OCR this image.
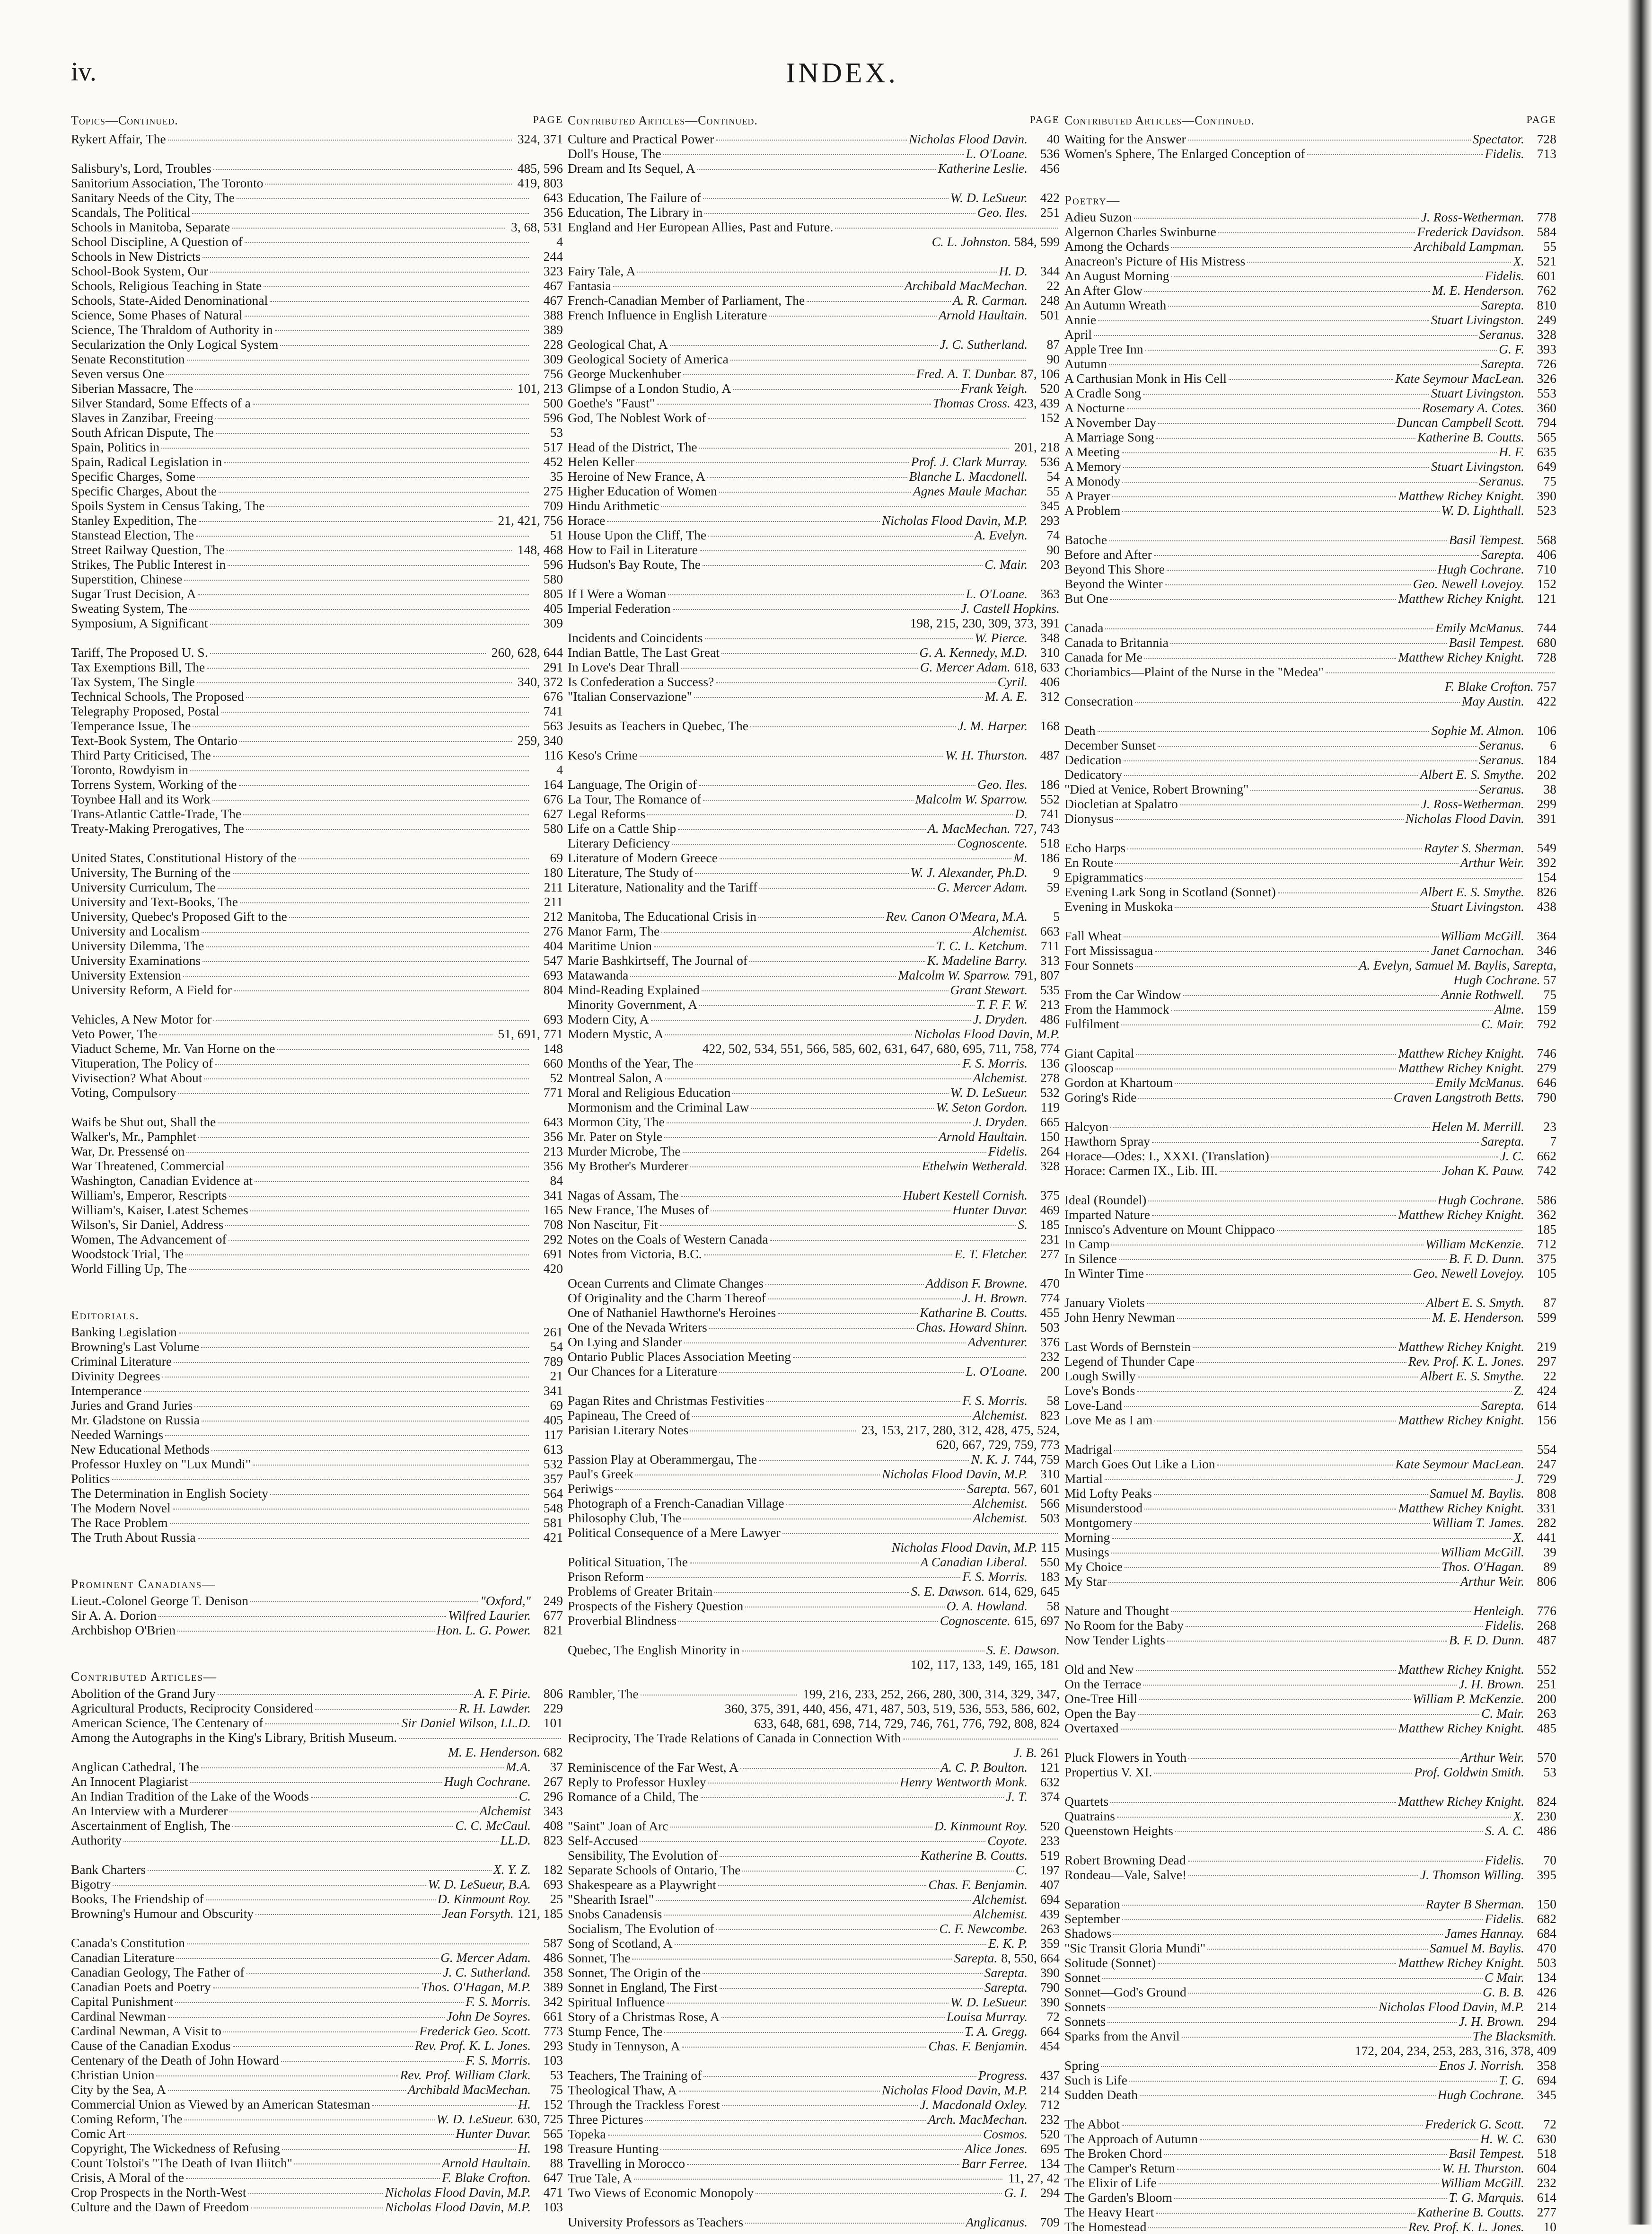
iv.	INDEX.
Topics—Continued.	PAGE
Rykert Affair, The	324, 371
Salisbury's, Lord, Troubles	485, 596
Sanitorium Association, The Toronto	419, 803
Sanitary Needs of the City, The	643
Scandals, The Political	356
Schools in Manitoba, Separate	3, 68, 531
School Discipline, A Question of	4
Schools in New Districts	244
School-Book System, Our	323
Schools, Religious Teaching in State	467
Schools, State-Aided Denominational	467
Science, Some Phases of Natural	388
Science, The Thraldom of Authority in	389
Secularization the Only Logical System	228
Senate Reconstitution	309
Seven versus One	756
Siberian Massacre, The	101, 213
Silver Standard, Some Effects of a	500
Slaves in Zanzibar, Freeing	596
South African Dispute, The	53
Spain, Politics in	517
Spain, Radical Legislation in	452
Specific Charges, Some	35
Specific Charges, About the	275
Spoils System in Census Taking, The	709
Stanley Expedition, The	21, 421, 756
Stanstead Election, The	51
Street Railway Question, The	148, 468
Strikes, The Public Interest in	596
Superstition, Chinese	580
Sugar Trust Decision, A	805
Sweating System, The	405
Symposium, A Significant	309
Tariff, The Proposed U. S.	260, 628, 644
Tax Exemptions Bill, The	291
Tax System, The Single	340, 372
Technical Schools, The Proposed	676
Telegraphy Proposed, Postal	741
Temperance Issue, The	563
Text-Book System, The Ontario	259, 340
Third Party Criticised, The	116
Toronto, Rowdyism in	4
Torrens System, Working of the	164
Toynbee Hall and its Work	676
Trans-Atlantic Cattle-Trade, The	627
Treaty-Making Prerogatives, The	580
United States, Constitutional History of the	69
University, The Burning of the	180
University Curriculum, The	211
University and Text-Books, The	211
University, Quebec's Proposed Gift to the	212
University and Localism	276
University Dilemma, The	404
University Examinations	547
University Extension	693
University Reform, A Field for	804
Vehicles, A New Motor for	693
Veto Power, The	51, 691, 771
Viaduct Scheme, Mr. Van Horne on the	148
Vituperation, The Policy of	660
Vivisection? What About	52
Voting, Compulsory	771
Waifs be Shut out, Shall the	643
Walker's, Mr., Pamphlet	356
War, Dr. Pressensé on	213
War Threatened, Commercial	356
Washington, Canadian Evidence at	84
William's, Emperor, Rescripts	341
William's, Kaiser, Latest Schemes	165
Wilson's, Sir Daniel, Address	708
Women, The Advancement of	292
Woodstock Trial, The	691
World Filling Up, The	420
Editorials.
Banking Legislation	261
Browning's Last Volume	54
Criminal Literature	789
Divinity Degrees	21
Intemperance	341
Juries and Grand Juries	69
Mr. Gladstone on Russia	405
Needed Warnings	117
New Educational Methods	613
Professor Huxley on "Lux Mundi"	532
Politics	357
The Determination in English Society	564
The Modern Novel	548
The Race Problem	581
The Truth About Russia	421
Prominent Canadians—
Lieut.-Colonel George T. Denison	"Oxford," 249
Sir A. A. Dorion	Wilfred Laurier. 677
Archbishop O'Brien	Hon. L. G. Power. 821
Contributed Articles—
Abolition of the Grand Jury	A. F. Pirie. 806
Agricultural Products, Reciprocity Considered	R. H. Lawder. 229
American Science, The Centenary of	Sir Daniel Wilson, LL.D. 101
Among the Autographs in the King's Library, British Museum.
M. E. Henderson. 682
Anglican Cathedral, The	M.A.	37
An Innocent Plagiarist	Hugh Cochrane. 267
An Indian Tradition of the Lake of the Woods	C. 296
An Interview with a Murderer	Alchemist 343
Ascertainment of English, The	C. C. McCaul. 408
Authority	LL.D. 823
Bank Charters	X. Y. Z. 182
Bigotry	W. D. LeSueur, B.A. 693
Books, The Friendship of	D. Kinmount Roy.	25
Browning's Humour and Obscurity	Jean Forsyth. 121, 185
Canada's Constitution	587
Canadian Literature	G. Mercer Adam. 486
Canadian Geology, The Father of	J. C. Sutherland. 358
Canadian Poets and Poetry	Thos. O'Hagan, M.P. 389
Capital Punishment	F. S. Morris. 342
Cardinal Newman	John De Soyres. 661
Cardinal Newman, A Visit to	Frederick Geo. Scott. 773
Cause of the Canadian Exodus	Rev. Prof. K. L. Jones. 293
Centenary of the Death of John Howard	F. S. Morris. 103
Christian Union	Rev. Prof. William Clark.	53
City by the Sea, A	Archibald MacMechan.	75
Commercial Union as Viewed by an American Statesman	H. 152
Coming Reform, The	W. D. LeSueur. 630, 725
Comic Art	Hunter Duvar. 565
Copyright, The Wickedness of Refusing	H. 198
Count Tolstoi's "The Death of Ivan Iliitch"	Arnold Haultain.	88
Crisis, A Moral of the	F. Blake Crofton. 647
Crop Prospects in the North-West	Nicholas Flood Davin, M.P. 471
Culture and the Dawn of Freedom	Nicholas Flood Davin, M.P. 103
Contributed Articles—Continued.	PAGE
Culture and Practical Power	Nicholas Flood Davin.	40
Doll's House, The	L. O'Loane. 536
Dream and Its Sequel, A	Katherine Leslie. 456
Education, The Failure of	W. D. LeSueur. 422
Education, The Library in	Geo. Iles. 251
England and Her European Allies, Past and Future.
C. L. Johnston. 584, 599
Fairy Tale, A	H. D. 344
Fantasia	Archibald MacMechan.	22
French-Canadian Member of Parliament, The	A. R. Carman. 248
French Influence in English Literature	Arnold Haultain. 501
Geological Chat, A	J. C. Sutherland.	87
Geological Society of America	90
George Muckenhuber	Fred. A. T. Dunbar. 87, 106
Glimpse of a London Studio, A	Frank Yeigh. 520
Goethe's "Faust"	Thomas Cross. 423, 439
God, The Noblest Work of	152
Head of the District, The	201, 218
Helen Keller	Prof. J. Clark Murray. 536
Heroine of New France, A	Blanche L. Macdonell.	54
Higher Education of Women	Agnes Maule Machar.	55
Hindu Arithmetic	345
Horace	Nicholas Flood Davin, M.P. 293
House Upon the Cliff, The	A. Evelyn.	74
How to Fail in Literature	90
Hudson's Bay Route, The	C. Mair. 203
If I Were a Woman	L. O'Loane. 363
Imperial Federation	J. Castell Hopkins.
198, 215, 230, 309, 373, 391
Incidents and Coincidents	W. Pierce. 348
Indian Battle, The Last Great	G. A. Kennedy, M.D. 310
In Love's Dear Thrall	G. Mercer Adam. 618, 633
Is Confederation a Success?	Cyril. 406
"Italian Conservazione"	M. A. E. 312
Jesuits as Teachers in Quebec, The	J. M. Harper. 168
Keso's Crime	W. H. Thurston. 487
Language, The Origin of	Geo. Iles. 186
La Tour, The Romance of	Malcolm W. Sparrow. 552
Legal Reforms	D. 741
Life on a Cattle Ship	A. MacMechan. 727, 743
Literary Deficiency	Cognoscente. 518
Literature of Modern Greece	M. 186
Literature, The Study of	W. J. Alexander, Ph.D.	9
Literature, Nationality and the Tariff	G. Mercer Adam.	59
Manitoba, The Educational Crisis in	Rev. Canon O'Meara, M.A.	5
Manor Farm, The	Alchemist. 663
Maritime Union	T. C. L. Ketchum.	711
Marie Bashkirtseff, The Journal of	K. Madeline Barry. 313
Matawanda	Malcolm W. Sparrow. 791, 807
Mind-Reading Explained	Grant Stewart. 535
Minority Government, A	T. F. F. W. 213
Modern City, A	J. Dryden. 486
Modern Mystic, A	Nicholas Flood Davin, M.P.
422, 502, 534, 551, 566, 585, 602, 631, 647, 680, 695, 711, 758, 774
Months of the Year, The	F. S. Morris. 136
Montreal Salon, A	Alchemist. 278
Moral and Religious Education	W. D. LeSueur. 532
Mormonism and the Criminal Law	W. Seton Gordon.	119
Mormon City, The	J. Dryden. 665
Mr. Pater on Style	Arnold Haultain. 150
Murder Microbe, The	Fidelis. 264
My Brother's Murderer	Ethelwin Wetherald. 328
Nagas of Assam, The	Hubert Kestell Cornish. 375
New France, The Muses of	Hunter Duvar. 469
Non Nascitur, Fit	S. 185
Notes on the Coals of Western Canada	231
Notes from Victoria, B.C.	E. T. Fletcher. 277
Ocean Currents and Climate Changes	Addison F. Browne. 470
Of Originality and the Charm Thereof	J. H. Brown. 774
One of Nathaniel Hawthorne's Heroines	Katharine B. Coutts. 455
One of the Nevada Writers	Chas. Howard Shinn. 503
On Lying and Slander	Adventurer. 376
Ontario Public Places Association Meeting	232
Our Chances for a Literature	L. O'Loane. 200
Pagan Rites and Christmas Festivities	F. S. Morris.	58
Papineau, The Creed of	Alchemist. 823
Parisian Literary Notes	23, 153, 217, 280, 312, 428, 475, 524,
620, 667, 729, 759, 773
Passion Play at Oberammergau, The	N. K. J. 744, 759
Paul's Greek	Nicholas Flood Davin, M.P. 310
Periwigs	Sarepta. 567, 601
Photograph of a French-Canadian Village	Alchemist. 566
Philosophy Club, The	Alchemist. 503
Political Consequence of a Mere Lawyer
Nicholas Flood Davin, M.P. 115
Political Situation, The	A Canadian Liberal. 550
Prison Reform	F. S. Morris. 183
Problems of Greater Britain	S. E. Dawson. 614, 629, 645
Prospects of the Fishery Question	O. A. Howland.	58
Proverbial Blindness	Cognoscente. 615, 697
Quebec, The English Minority in	S. E. Dawson.
102, 117, 133, 149, 165, 181
Rambler, The	199, 216, 233, 252, 266, 280, 300, 314, 329, 347,
360, 375, 391, 440, 456, 471, 487, 503, 519, 536, 553, 586, 602,
633, 648, 681, 698, 714, 729, 746, 761, 776, 792, 808, 824
Reciprocity, The Trade Relations of Canada in Connection With
J. B. 261
Reminiscence of the Far West, A	A. C. P. Boulton. 121
Reply to Professor Huxley	Henry Wentworth Monk. 632
Romance of a Child, The	J. T. 374
"Saint" Joan of Arc	D. Kinmount Roy. 520
Self-Accused	Coyote. 233
Sensibility, The Evolution of	Katherine B. Coutts. 519
Separate Schools of Ontario, The	C. 197
Shakespeare as a Playwright	Chas. F. Benjamin. 407
"Shearith Israel"	Alchemist. 694
Snobs Canadensis	Alchemist. 439
Socialism, The Evolution of	C. F. Newcombe. 263
Song of Scotland, A	E. K. P. 359
Sonnet, The	Sarepta. 8, 550, 664
Sonnet, The Origin of the	Sarepta. 390
Sonnet in England, The First	Sarepta. 790
Spiritual Influence	W. D. LeSueur. 390
Story of a Christmas Rose, A	Louisa Murray.	72
Stump Fence, The	T. A. Gregg. 664
Study in Tennyson, A	Chas. F. Benjamin. 454
Teachers, The Training of	Progress. 437
Theological Thaw, A	Nicholas Flood Davin, M.P. 214
Through the Trackless Forest	J. Macdonald Oxley. 712
Three Pictures	Arch. MacMechan. 232
Topeka	Cosmos. 520
Treasure Hunting	Alice Jones. 695
Travelling in Morocco	Barr Ferree. 134
True Tale, A	11, 27, 42
Two Views of Economic Monopoly	G. I. 294
University Professors as Teachers	Anglicanus. 709
Contributed Articles—Continued.	PAGE
Waiting for the Answer	Spectator. 728
Women's Sphere, The Enlarged Conception of	Fidelis. 713
Poetry—
Adieu Suzon	J. Ross-Wetherman. 778
Algernon Charles Swinburne	Frederick Davidson. 584
Among the Ochards	Archibald Lampman.	55
Anacreon's Picture of His Mistress	X. 521
An August Morning	Fidelis. 601
An After Glow	M. E. Henderson. 762
An Autumn Wreath	Sarepta. 810
Annie	Stuart Livingston. 249
April	Seranus. 328
Apple Tree Inn	G. F. 393
Autumn	Sarepta. 726
A Carthusian Monk in His Cell	Kate Seymour MacLean. 326
A Cradle Song	Stuart Livingston. 553
A Nocturne	Rosemary A. Cotes. 360
A November Day	Duncan Campbell Scott. 794
A Marriage Song	Katherine B. Coutts. 565
A Meeting	H. F. 635
A Memory	Stuart Livingston. 649
A Monody	Seranus.	75
A Prayer	Matthew Richey Knight. 390
A Problem	W. D. Lighthall. 523
Batoche	Basil Tempest. 568
Before and After	Sarepta. 406
Beyond This Shore	Hugh Cochrane. 710
Beyond the Winter	Geo. Newell Lovejoy. 152
But One	Matthew Richey Knight. 121
Canada	Emily McManus. 744
Canada to Britannia	Basil Tempest. 680
Canada for Me	Matthew Richey Knight. 728
Choriambics—Plaint of the Nurse in the "Medea"
F. Blake Crofton. 757
Consecration	May Austin. 422
Death	Sophie M. Almon. 106
December Sunset	Seranus.	6
Dedication	Seranus. 184
Dedicatory	Albert E. S. Smythe. 202
"Died at Venice, Robert Browning"	Seranus.	38
Diocletian at Spalatro	J. Ross-Wetherman. 299
Dionysus	Nicholas Flood Davin. 391
Echo Harps	Rayter S. Sherman. 549
En Route	Arthur Weir. 392
Epigrammatics	154
Evening Lark Song in Scotland (Sonnet)	Albert E. S. Smythe. 826
Evening in Muskoka	Stuart Livingston. 438
Fall Wheat	William McGill. 364
Fort Mississagua	Janet Carnochan. 346
Four Sonnets	A. Evelyn, Samuel M. Baylis, Sarepta,
Hugh Cochrane. 57
From the Car Window	Annie Rothwell.	75
From the Hammock	Alme. 159
Fulfilment	C. Mair. 792
Giant Capital	Matthew Richey Knight. 746
Glooscap	Matthew Richey Knight. 279
Gordon at Khartoum	Emily McManus. 646
Goring's Ride	Craven Langstroth Betts. 790
Halcyon	Helen M. Merrill.	23
Hawthorn Spray	Sarepta.	7
Horace—Odes: I., XXXI. (Translation)	J. C. 662
Horace: Carmen IX., Lib. III.	Johan K. Pauw. 742
Ideal (Roundel)	Hugh Cochrane. 586
Imparted Nature	Matthew Richey Knight. 362
Innisco's Adventure on Mount Chippaco	185
In Camp	William McKenzie. 712
In Silence	B. F. D. Dunn. 375
In Winter Time	Geo. Newell Lovejoy. 105
January Violets	Albert E. S. Smyth.	87
John Henry Newman	M. E. Henderson. 599
Last Words of Bernstein	Matthew Richey Knight. 219
Legend of Thunder Cape	Rev. Prof. K. L. Jones. 297
Lough Swilly	Albert E. S. Smythe.	22
Love's Bonds	Z. 424
Love-Land	Sarepta. 614
Love Me as I am	Matthew Richey Knight. 156
Madrigal	554
March Goes Out Like a Lion	Kate Seymour MacLean. 247
Martial	J. 729
Mid Lofty Peaks	Samuel M. Baylis. 808
Misunderstood	Matthew Richey Knight. 331
Montgomery	William T. James. 282
Morning	X. 441
Musings	William McGill.	39
My Choice	Thos. O'Hagan.	89
My Star	Arthur Weir. 806
Nature and Thought	Henleigh. 776
No Room for the Baby	Fidelis. 268
Now Tender Lights	B. F. D. Dunn. 487
Old and New	Matthew Richey Knight. 552
On the Terrace	J. H. Brown. 251
One-Tree Hill	William P. McKenzie. 200
Open the Bay	C. Mair. 263
Overtaxed	Matthew Richey Knight. 485
Pluck Flowers in Youth	Arthur Weir. 570
Propertius V. XI.	Prof. Goldwin Smith.	53
Quartets	Matthew Richey Knight. 824
Quatrains	X. 230
Queenstown Heights	S. A. C. 486
Robert Browning Dead	Fidelis.	70
Rondeau—Vale, Salve!	J. Thomson Willing. 395
Separation	Rayter B Sherman. 150
September	Fidelis. 682
Shadows	James Hannay. 684
"Sic Transit Gloria Mundi"	Samuel M. Baylis. 470
Solitude (Sonnet)	Matthew Richey Knight. 503
Sonnet	C Mair. 134
Sonnet—God's Ground	G. B. B. 426
Sonnets	Nicholas Flood Davin, M.P. 214
Sonnets	J. H. Brown. 294
Sparks from the Anvil	The Blacksmith.
172, 204, 234, 253, 283, 316, 378, 409
Spring	Enos J. Norrish. 358
Such is Life	T. G. 694
Sudden Death	Hugh Cochrane. 345
The Abbot	Frederick G. Scott.	72
The Approach of Autumn	H. W. C. 630
The Broken Chord	Basil Tempest. 518
The Camper's Return	W. H. Thurston. 604
The Elixir of Life	William McGill. 232
The Garden's Bloom	T. G. Marquis. 614
The Heavy Heart	Katherine B. Coutts. 277
The Homestead	Rev. Prof. K. L. Jones.	10
